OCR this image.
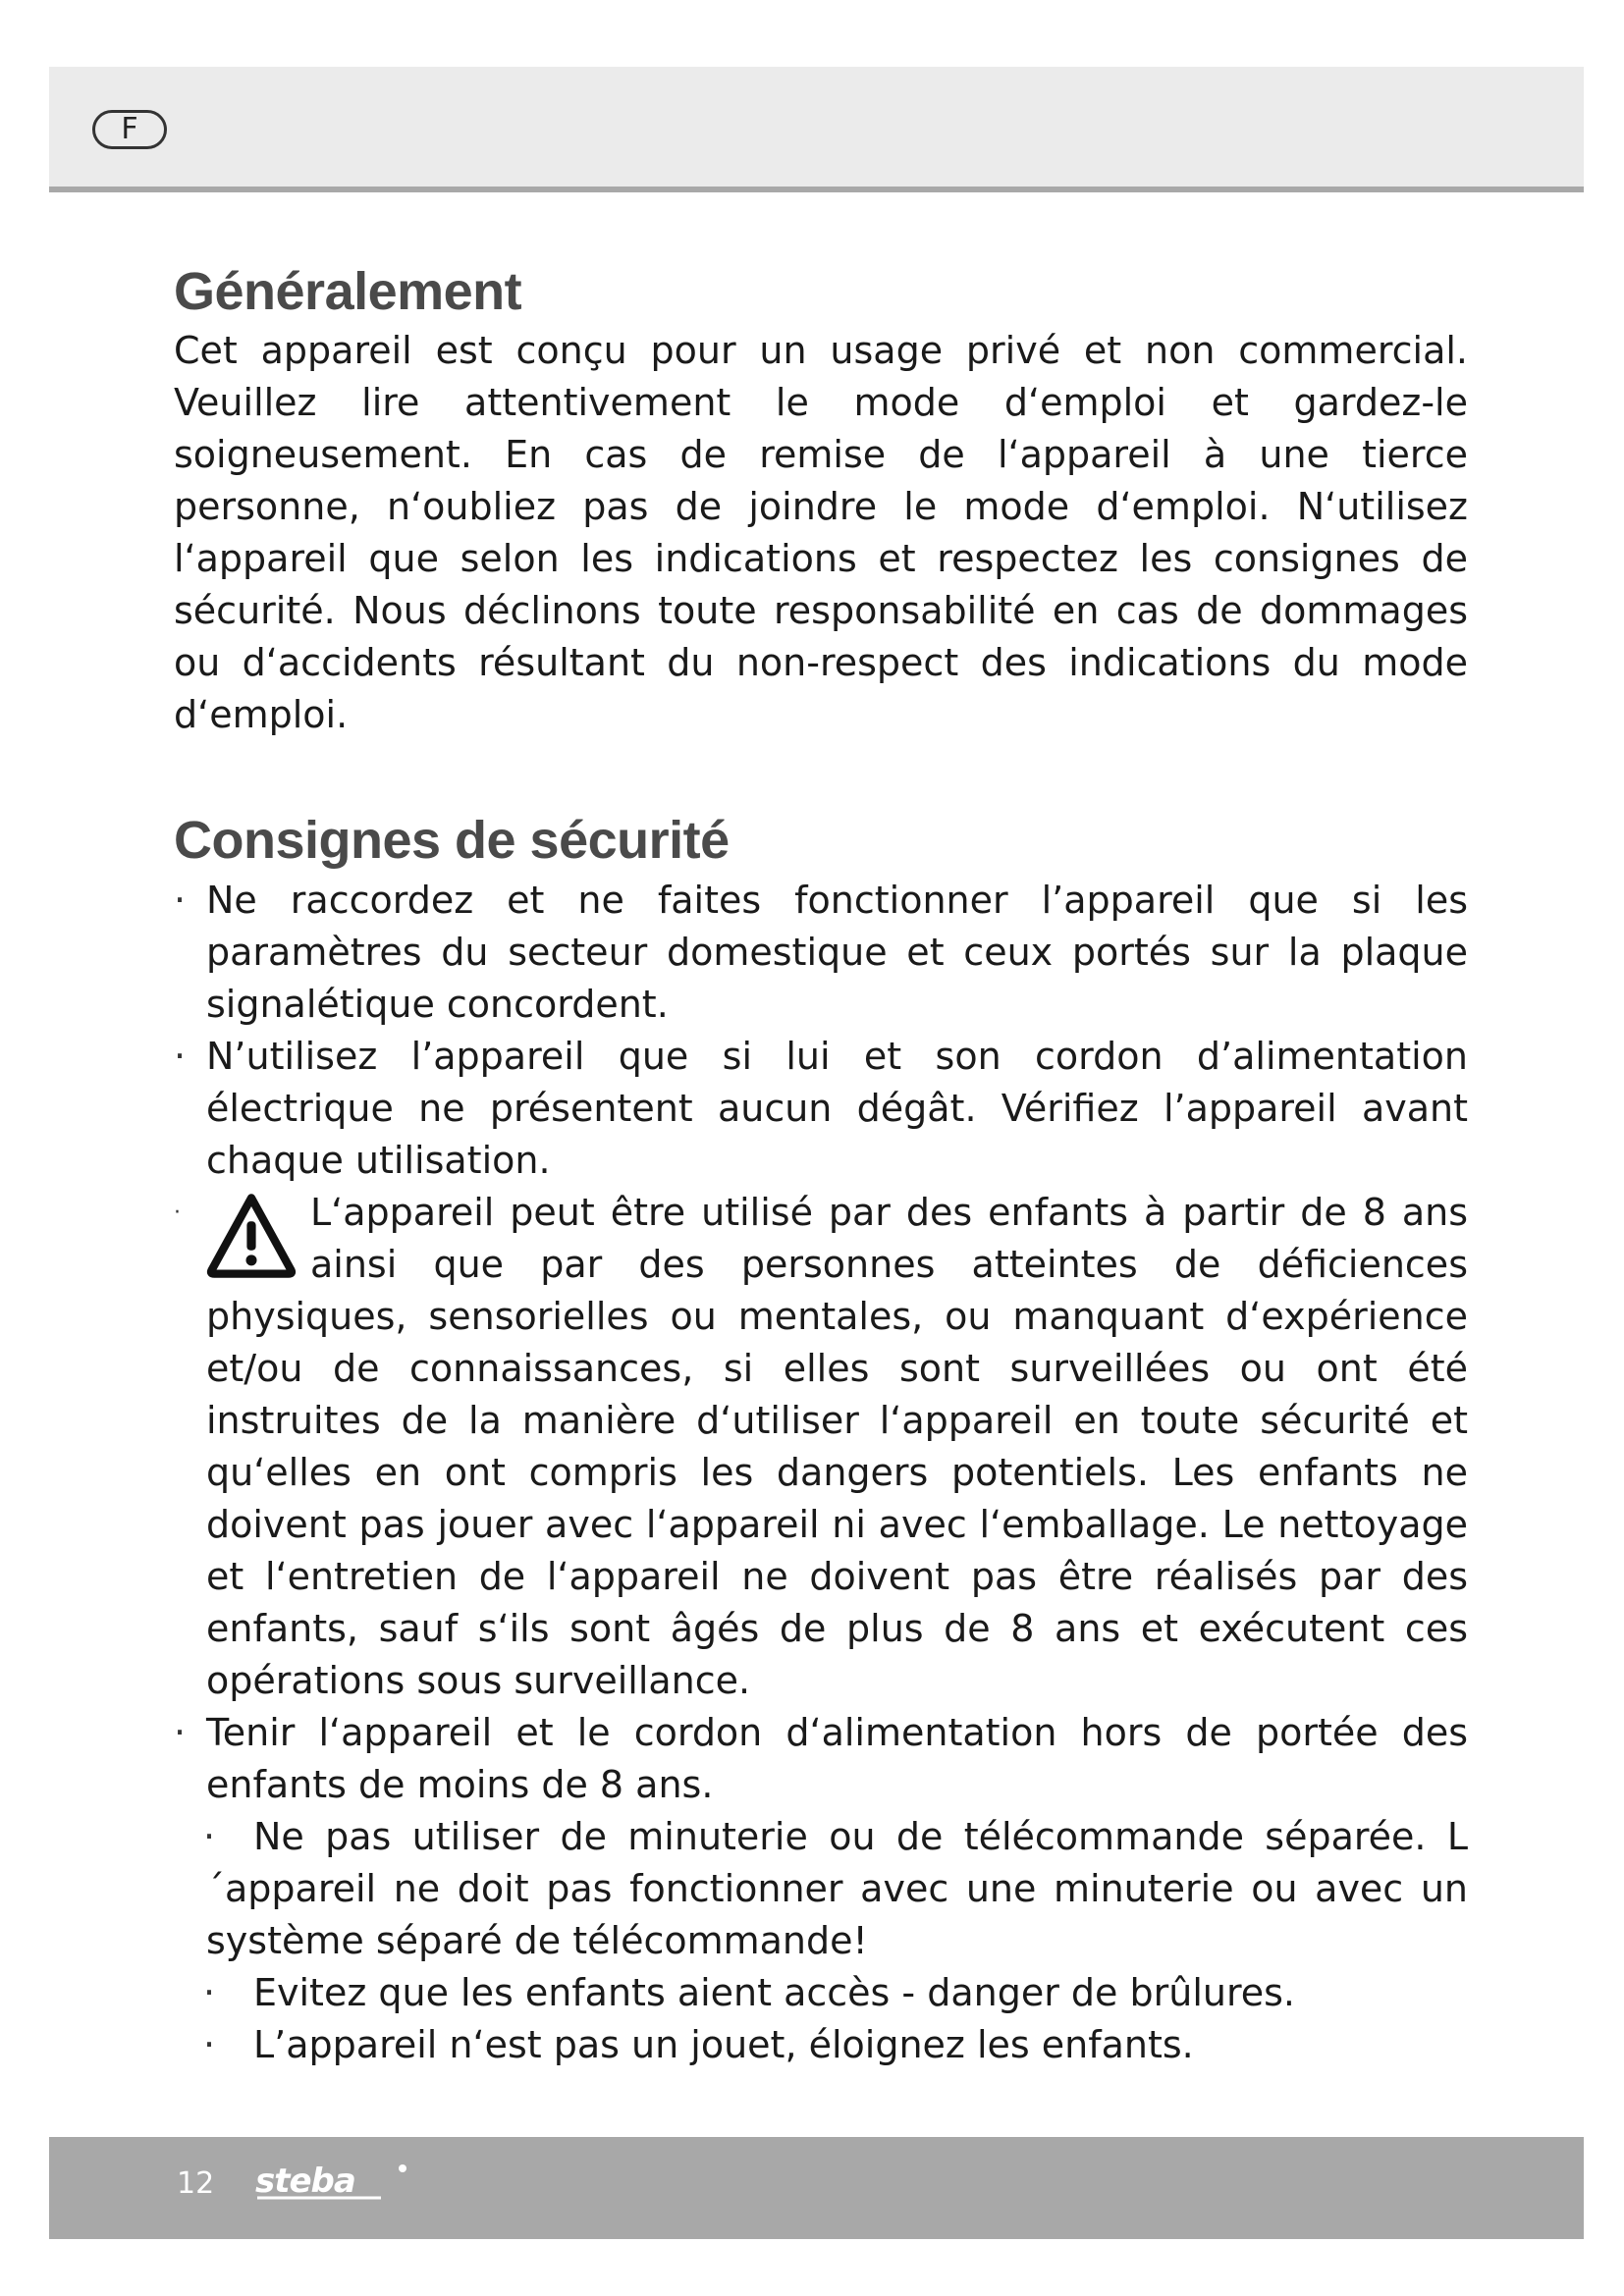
F
Généralement

Cet appareil est conçu pour un usage privé et non commercial. Veuillez lire attentivement le mode d‘emploi et gardez-le soigneusement. En cas de remise de l‘appareil à une tierce personne, n‘oubliez pas de joindre le mode d‘emploi. N‘utilisez l‘appareil que selon les indications et respectez les consignes de sécurité. Nous déclinons toute responsabilité en cas de dommages ou d‘accidents résultant du non-respect des indications du mode d‘emploi.

Consignes de sécurité
· Ne raccordez et ne faites fonctionner l’appareil que si les paramètres du secteur domestique et ceux portés sur la plaque signalétique concordent.
· N’utilisez l’appareil que si lui et son cordon d’alimentation électrique ne présentent aucun dégât. Vérifiez l’appareil avant chaque utilisation.
·	L‘appareil peut être utilisé par des enfants à partir de 8 ans ainsi que par des personnes atteintes de déficiences physiques, sensorielles ou mentales, ou manquant d‘expérience et/ou de connaissances, si elles sont surveillées ou ont été instruites de la manière d‘utiliser l‘appareil en toute sécurité et qu‘elles en ont compris les dangers potentiels. Les enfants ne doivent pas jouer avec l‘appareil ni avec l‘emballage. Le nettoyage et l‘entretien de l‘appareil ne doivent pas être réalisés par des enfants, sauf s‘ils sont âgés de plus de 8 ans et exécutent ces opérations sous surveillance.
· Tenir l‘appareil et le cordon d‘alimentation hors de portée des enfants de moins de 8 ans.
·	Ne pas utiliser de minuterie ou de télécommande séparée. L´appareil ne doit pas fonctionner avec une minuterie ou avec un système séparé de télécommande!
·	Evitez que les enfants aient accès - danger de brûlures.
·	L’appareil n‘est pas un jouet, éloignez les enfants.
12 steba
